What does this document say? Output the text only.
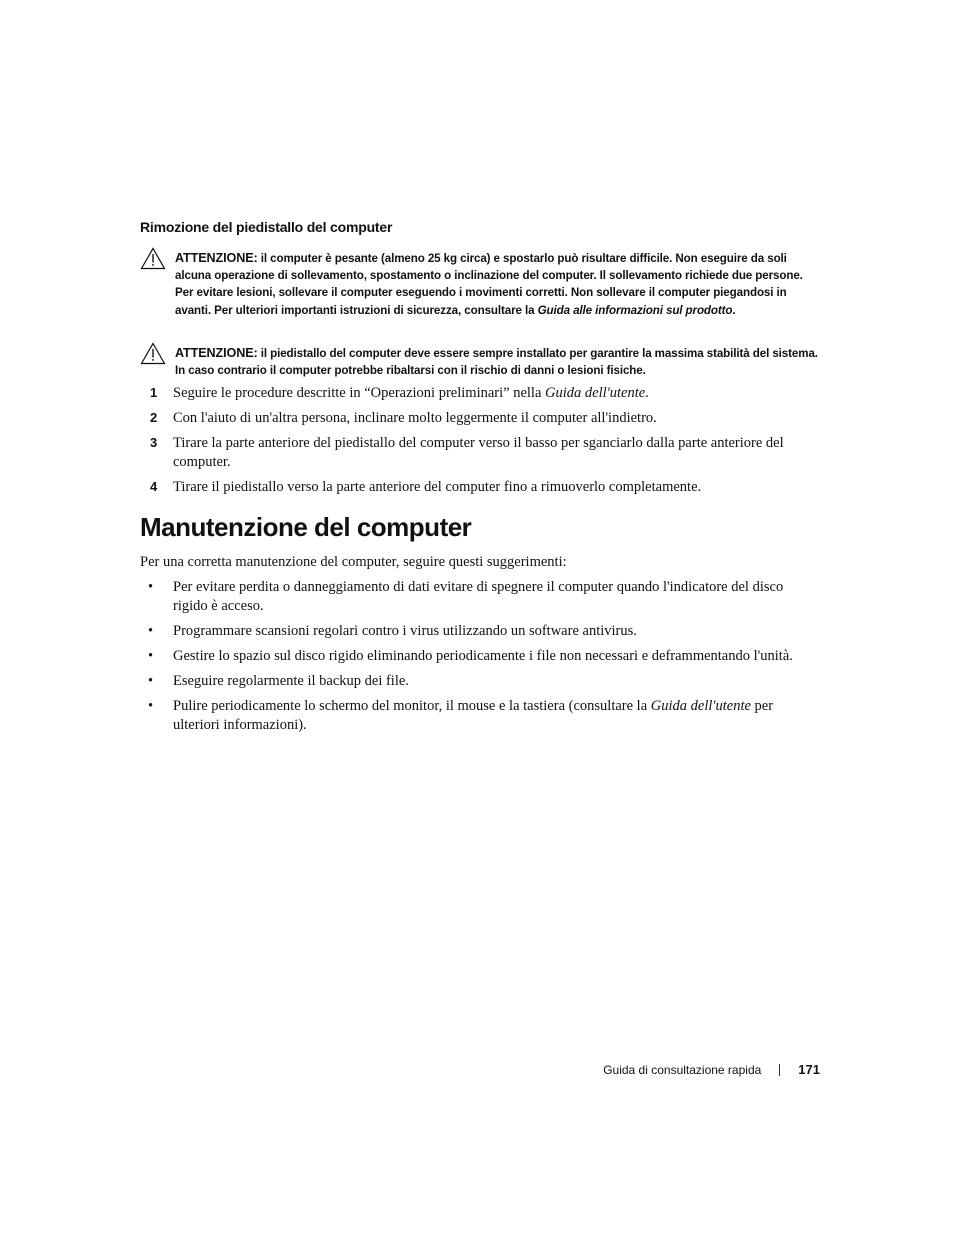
Rimozione del piedistallo del computer
ATTENZIONE: il computer è pesante (almeno 25 kg circa) e spostarlo può risultare difficile. Non eseguire da soli alcuna operazione di sollevamento, spostamento o inclinazione del computer. Il sollevamento richiede due persone. Per evitare lesioni, sollevare il computer eseguendo i movimenti corretti. Non sollevare il computer piegandosi in avanti. Per ulteriori importanti istruzioni di sicurezza, consultare la Guida alle informazioni sul prodotto.
ATTENZIONE: il piedistallo del computer deve essere sempre installato per garantire la massima stabilità del sistema. In caso contrario il computer potrebbe ribaltarsi con il rischio di danni o lesioni fisiche.
1 Seguire le procedure descritte in “Operazioni preliminari” nella Guida dell'utente.
2 Con l'aiuto di un'altra persona, inclinare molto leggermente il computer all'indietro.
3 Tirare la parte anteriore del piedistallo del computer verso il basso per sganciarlo dalla parte anteriore del computer.
4 Tirare il piedistallo verso la parte anteriore del computer fino a rimuoverlo completamente.
Manutenzione del computer
Per una corretta manutenzione del computer, seguire questi suggerimenti:
• Per evitare perdita o danneggiamento di dati evitare di spegnere il computer quando l'indicatore del disco rigido è acceso.
• Programmare scansioni regolari contro i virus utilizzando un software antivirus.
• Gestire lo spazio sul disco rigido eliminando periodicamente i file non necessari e deframmentando l'unità.
• Eseguire regolarmente il backup dei file.
• Pulire periodicamente lo schermo del monitor, il mouse e la tastiera (consultare la Guida dell'utente per ulteriori informazioni).
Guida di consultazione rapida	171
